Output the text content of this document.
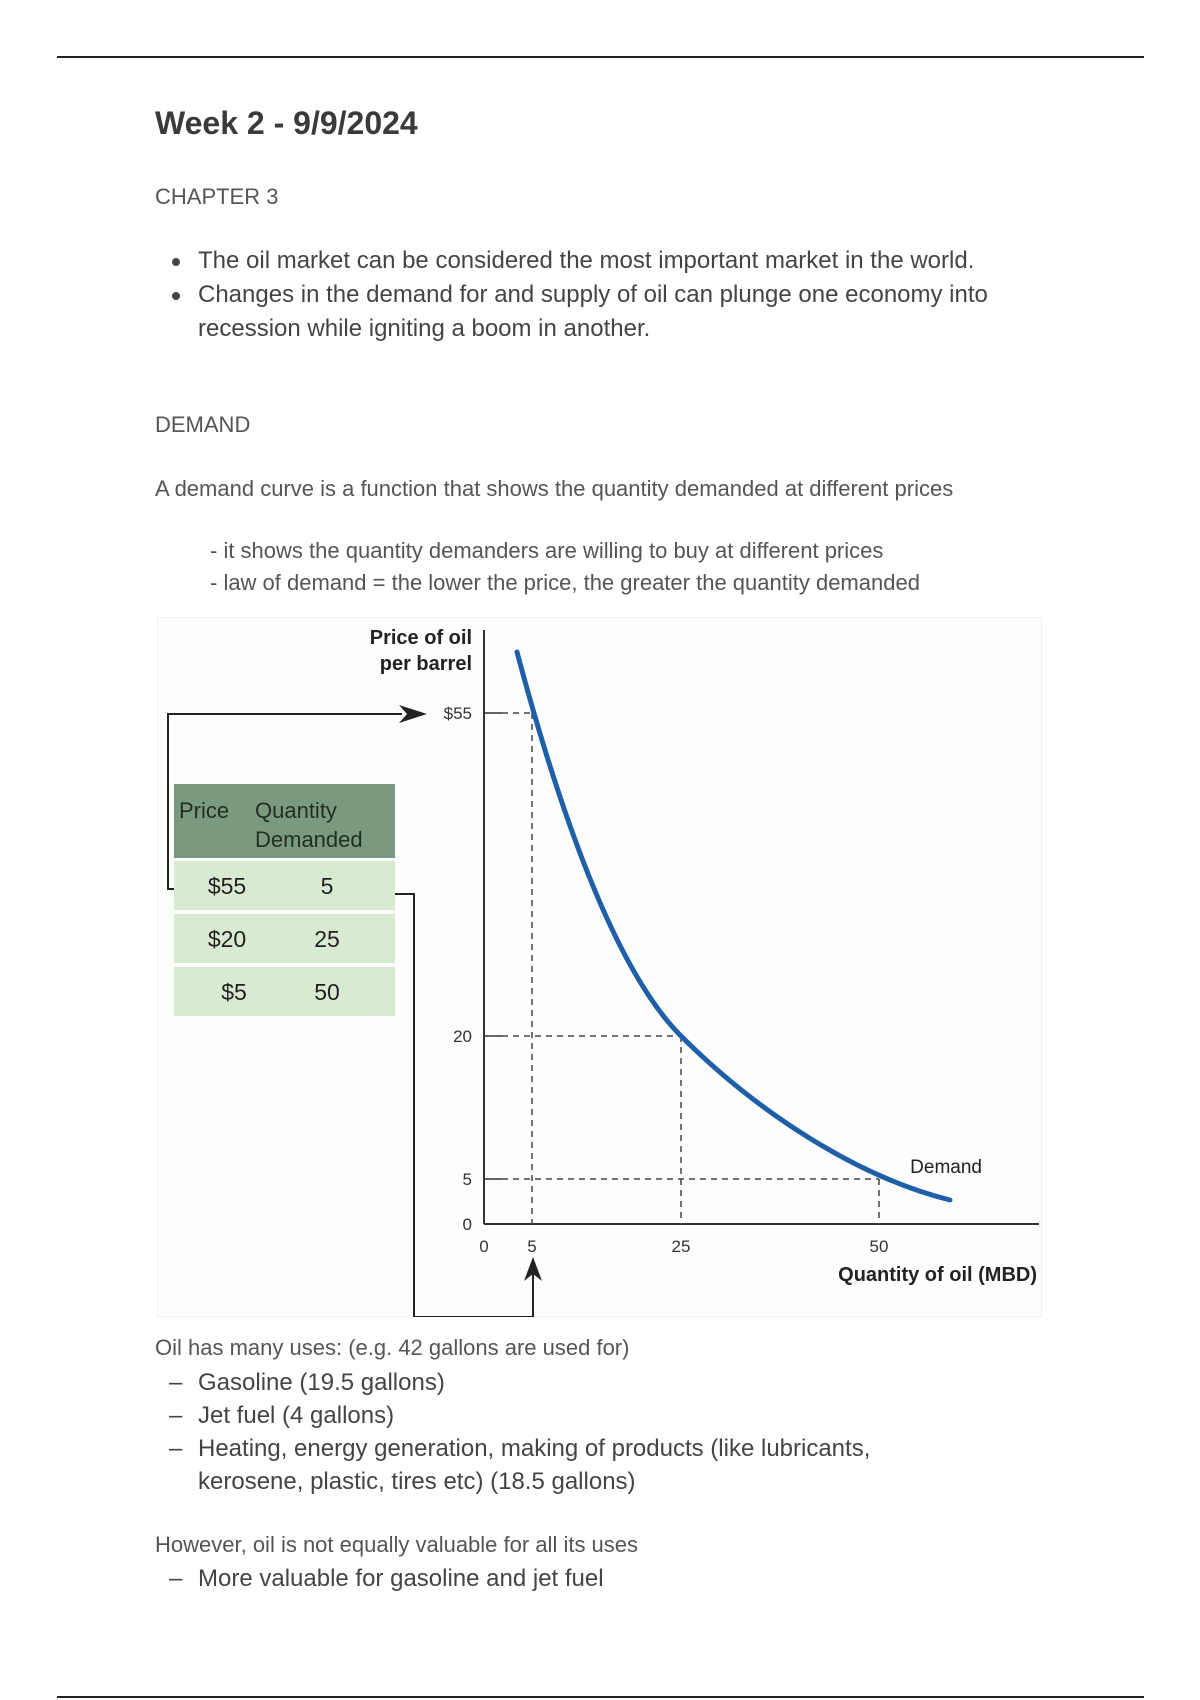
Week 2 - 9/9/2024
CHAPTER 3
The oil market can be considered the most important market in the world.
Changes in the demand for and supply of oil can plunge one economy into recession while igniting a boom in another.
DEMAND
A demand curve is a function that shows the quantity demanded at different prices
- it shows the quantity demanders are willing to buy at different prices
- law of demand = the lower the price, the greater the quantity demanded
Price of oil
per barrel
$55
20
5
0
0 5	25	50
Quantity of oil (MBD)
Demand
Price Quantity Demanded
$55	5
$20	25
$5	50
Oil has many uses: (e.g. 42 gallons are used for)
– Gasoline (19.5 gallons)
– Jet fuel (4 gallons)
– Heating, energy generation, making of products (like lubricants, kerosene, plastic, tires etc) (18.5 gallons)
However, oil is not equally valuable for all its uses
– More valuable for gasoline and jet fuel
